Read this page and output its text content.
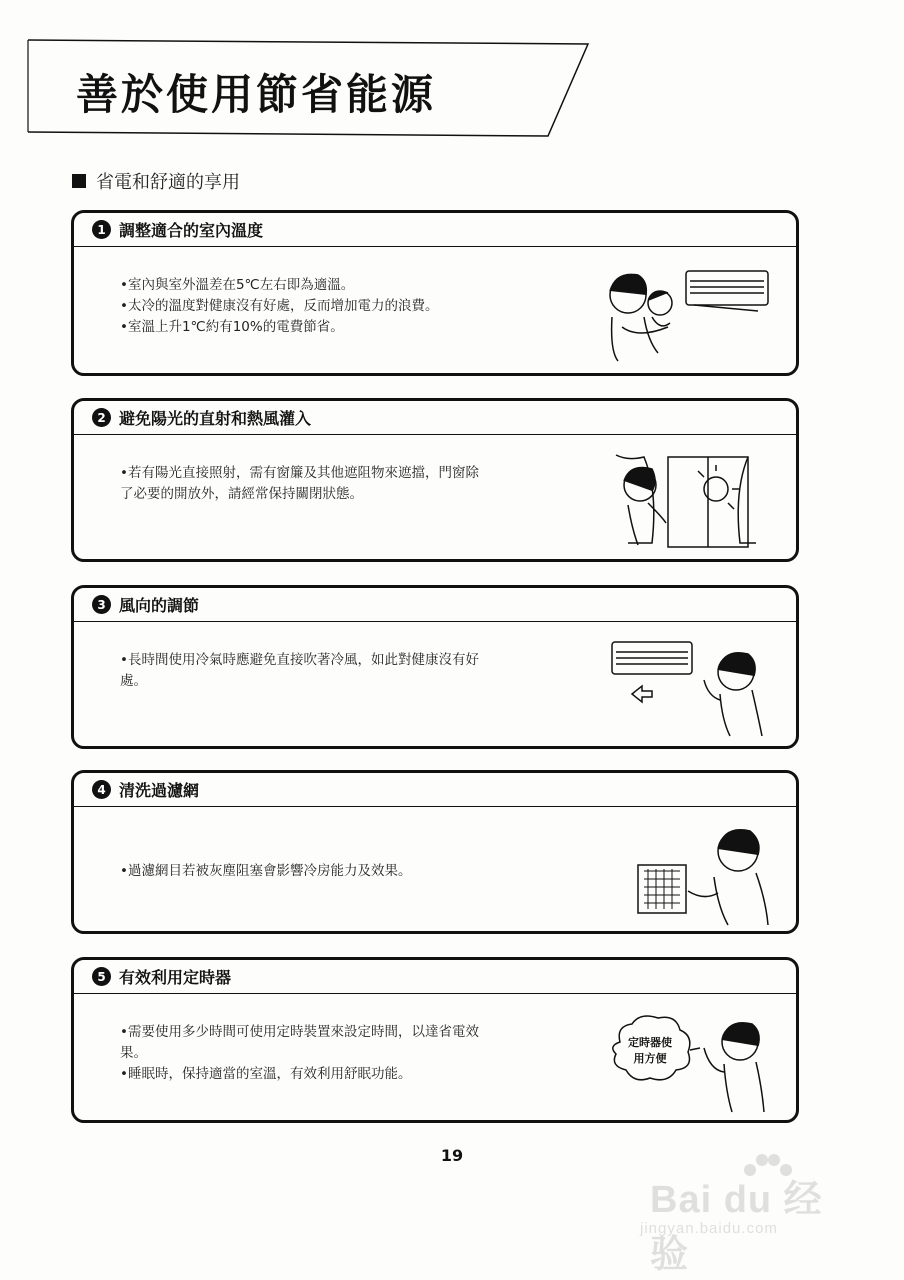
善於使用節省能源
省電和舒適的享用
1 調整適合的室內溫度

•室內與室外溫差在5℃左右即為適溫。

•太冷的溫度對健康沒有好處，反而增加電力的浪費。

•室溫上升1℃約有10%的電費節省。

2 避免陽光的直射和熱風灌入

•若有陽光直接照射，需有窗簾及其他遮阻物來遮擋，門窗除

了必要的開放外，請經常保持關閉狀態。

3 風向的調節

•長時間使用冷氣時應避免直接吹著冷風，如此對健康沒有好

處。

4 清洗過濾網

•過濾網目若被灰塵阻塞會影響冷房能力及效果。

5 有效利用定時器

•需要使用多少時間可使用定時裝置來設定時間，以達省電效

果。

•睡眠時，保持適當的室溫，有效利用舒眠功能。

定時器使
用方便
19
Bai du 经验
jingyan.baidu.com
